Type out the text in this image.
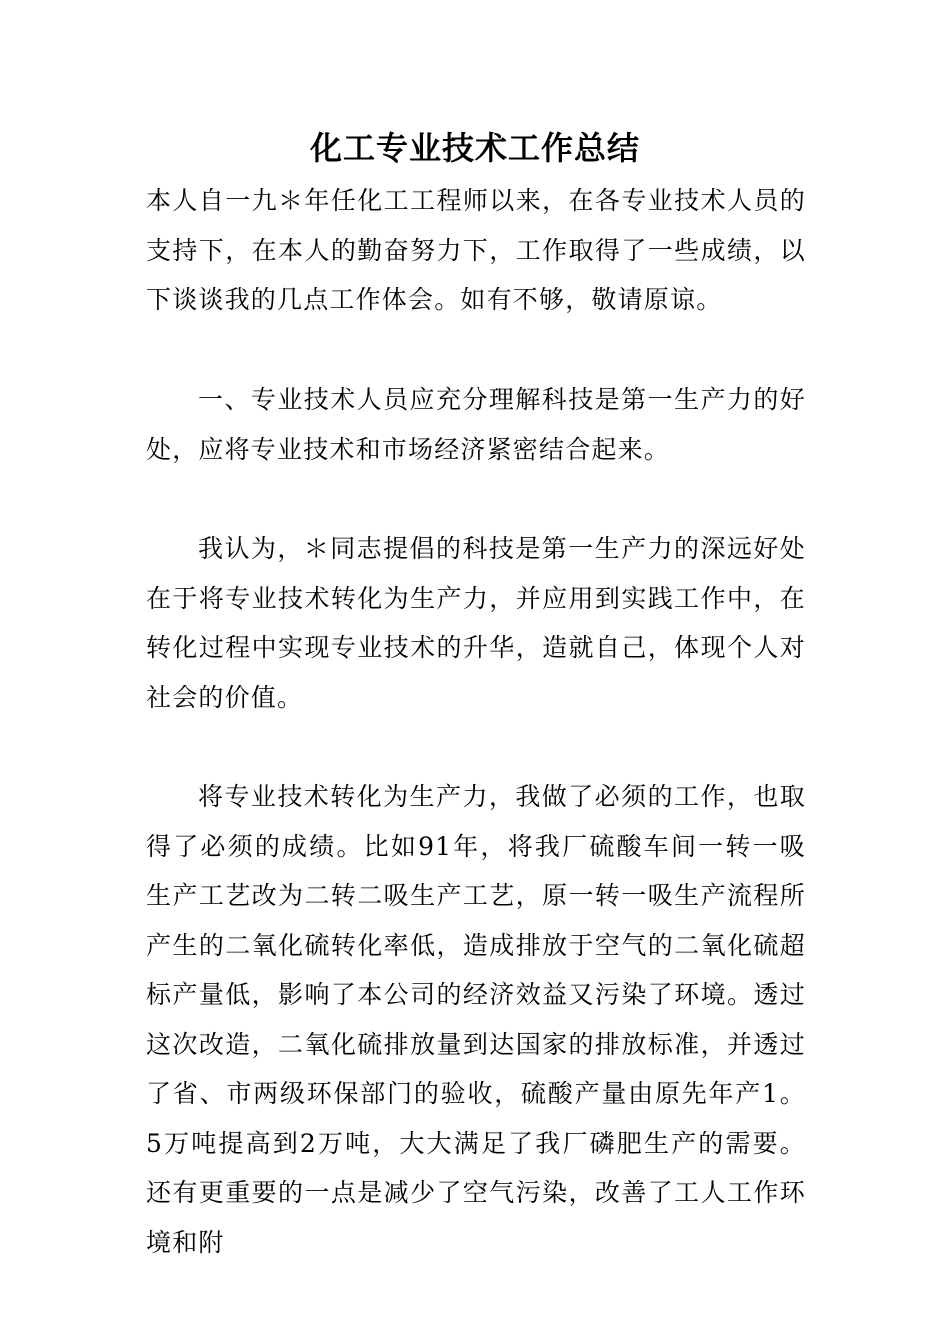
化工专业技术工作总结
本人自一九＊年任化工工程师以来，在各专业技术人员的支持下，在本人的勤奋努力下，工作取得了一些成绩，以下谈谈我的几点工作体会。如有不够，敬请原谅。
一、专业技术人员应充分理解科技是第一生产力的好处，应将专业技术和市场经济紧密结合起来。
我认为，＊同志提倡的科技是第一生产力的深远好处在于将专业技术转化为生产力，并应用到实践工作中，在转化过程中实现专业技术的升华，造就自己，体现个人对社会的价值。
将专业技术转化为生产力，我做了必须的工作，也取得了必须的成绩。比如91年，将我厂硫酸车间一转一吸生产工艺改为二转二吸生产工艺，原一转一吸生产流程所产生的二氧化硫转化率低，造成排放于空气的二氧化硫超标产量低，影响了本公司的经济效益又污染了环境。透过这次改造，二氧化硫排放量到达国家的排放标准，并透过了省、市两级环保部门的验收，硫酸产量由原先年产1。5万吨提高到2万吨，大大满足了我厂磷肥生产的需要。还有更重要的一点是减少了空气污染，改善了工人工作环境和附
